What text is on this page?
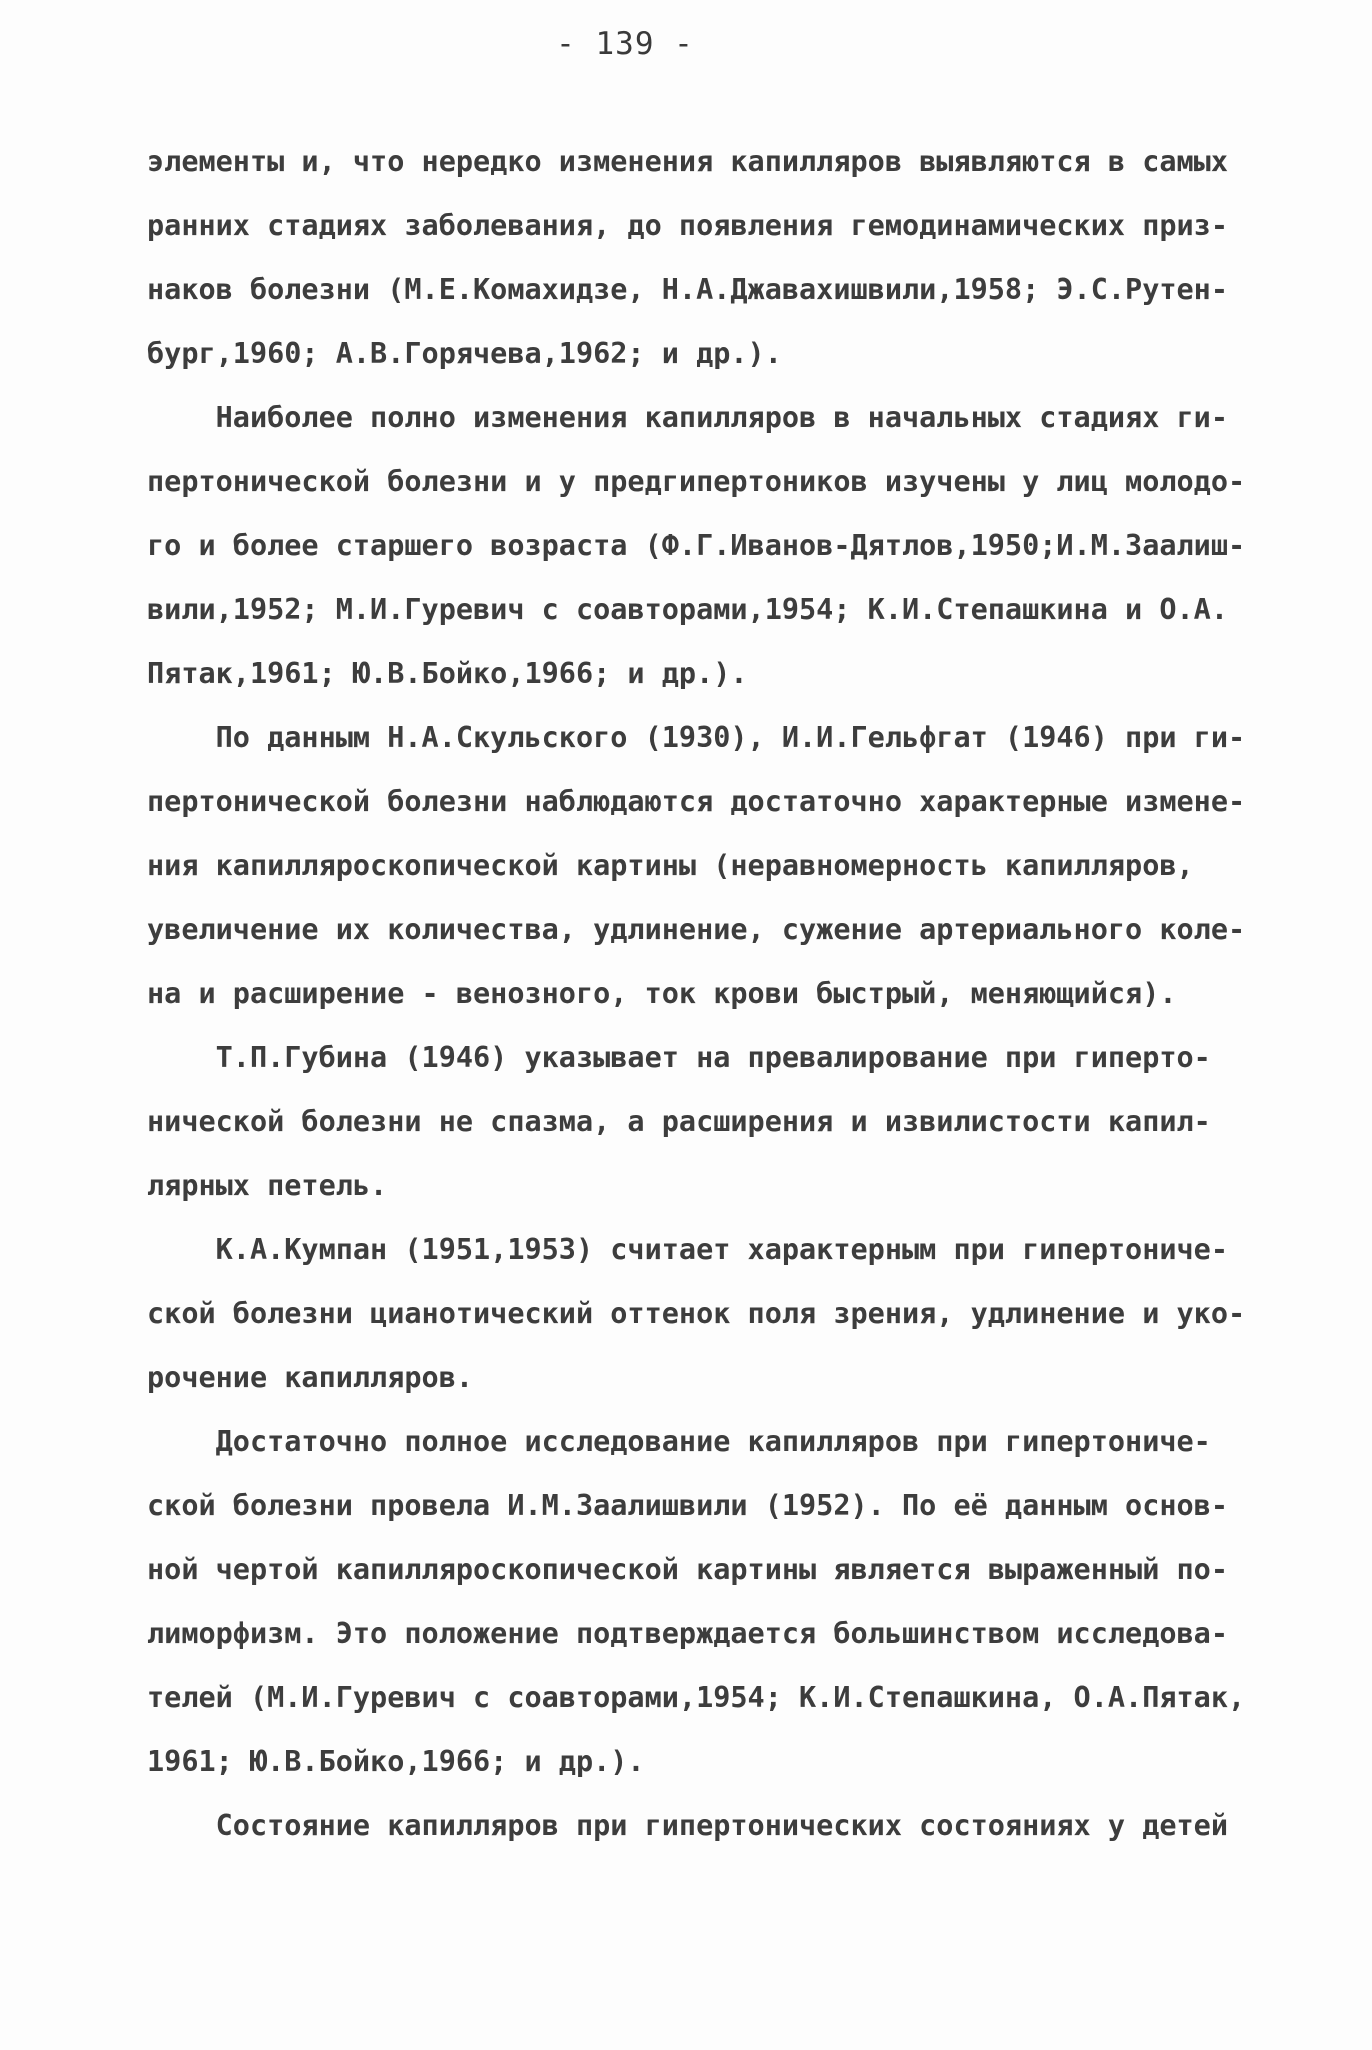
- 139 -
элементы и, что нередко изменения капилляров выявляются в самых
ранних стадиях заболевания, до появления гемодинамических приз-
наков болезни (М.Е.Комахидзе, Н.А.Джавахишвили,1958; Э.С.Рутен-
бург,1960; А.В.Горячева,1962; и др.).
Наиболее полно изменения капилляров в начальных стадиях ги-
пертонической болезни и у предгипертоников изучены у лиц молодо-
го и более старшего возраста (Ф.Г.Иванов-Дятлов,1950;И.М.Заалиш-
вили,1952; М.И.Гуревич с соавторами,1954; К.И.Степашкина и О.А.
Пятак,1961; Ю.В.Бойко,1966; и др.).
По данным Н.А.Скульского (1930), И.И.Гельфгат (1946) при ги-
пертонической болезни наблюдаются достаточно характерные измене-
ния капилляроскопической картины (неравномерность капилляров,
увеличение их количества, удлинение, сужение артериального коле-
на и расширение - венозного, ток крови быстрый, меняющийся).
Т.П.Губина (1946) указывает на превалирование при гиперто-
нической болезни не спазма, а расширения и извилистости капил-
лярных петель.
К.А.Кумпан (1951,1953) считает характерным при гипертониче-
ской болезни цианотический оттенок поля зрения, удлинение и уко-
рочение капилляров.
Достаточно полное исследование капилляров при гипертониче-
ской болезни провела И.М.Заалишвили (1952). По её данным основ-
ной чертой капилляроскопической картины является выраженный по-
лиморфизм. Это положение подтверждается большинством исследова-
телей (М.И.Гуревич с соавторами,1954; К.И.Степашкина, О.А.Пятак,
1961; Ю.В.Бойко,1966; и др.).
Состояние капилляров при гипертонических состояниях у детей
